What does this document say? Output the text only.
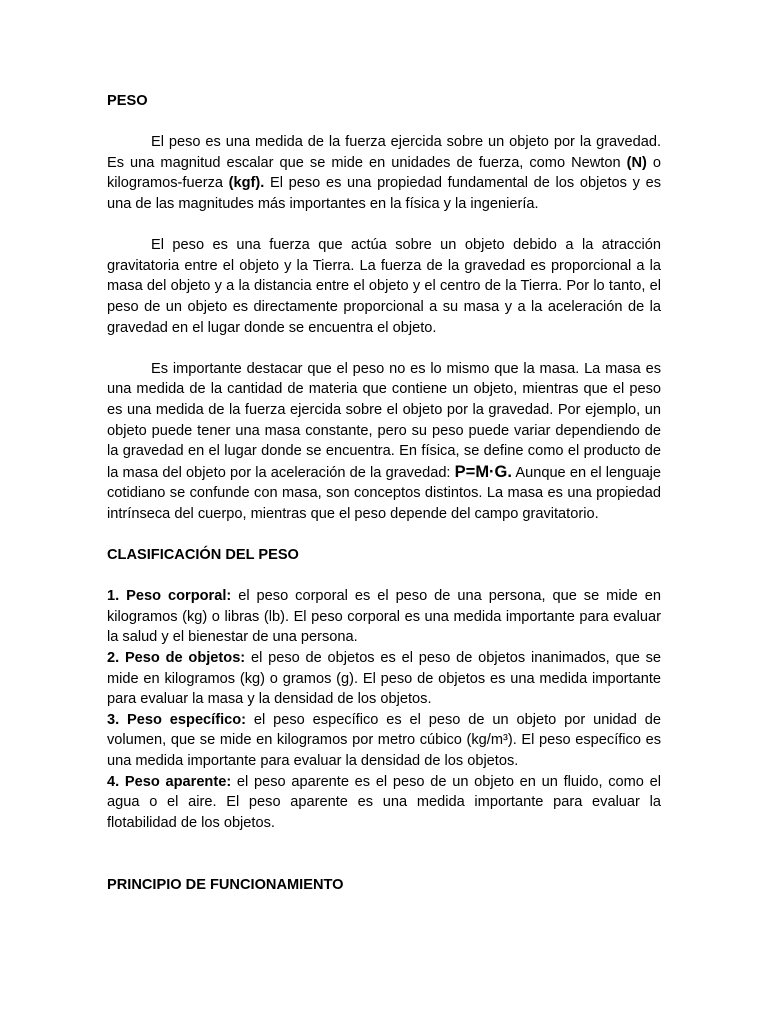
PESO

El peso es una medida de la fuerza ejercida sobre un objeto por la gravedad. Es una magnitud escalar que se mide en unidades de fuerza, como Newton (N) o kilogramos-fuerza (kgf). El peso es una propiedad fundamental de los objetos y es una de las magnitudes más importantes en la física y la ingeniería.

El peso es una fuerza que actúa sobre un objeto debido a la atracción gravitatoria entre el objeto y la Tierra. La fuerza de la gravedad es proporcional a la masa del objeto y a la distancia entre el objeto y el centro de la Tierra. Por lo tanto, el peso de un objeto es directamente proporcional a su masa y a la aceleración de la gravedad en el lugar donde se encuentra el objeto.

Es importante destacar que el peso no es lo mismo que la masa. La masa es una medida de la cantidad de materia que contiene un objeto, mientras que el peso es una medida de la fuerza ejercida sobre el objeto por la gravedad. Por ejemplo, un objeto puede tener una masa constante, pero su peso puede variar dependiendo de la gravedad en el lugar donde se encuentra. En física, se define como el producto de la masa del objeto por la aceleración de la gravedad: P=M·G. Aunque en el lenguaje cotidiano se confunde con masa, son conceptos distintos. La masa es una propiedad intrínseca del cuerpo, mientras que el peso depende del campo gravitatorio.

CLASIFICACIÓN DEL PESO

1. Peso corporal: el peso corporal es el peso de una persona, que se mide en kilogramos (kg) o libras (lb). El peso corporal es una medida importante para evaluar la salud y el bienestar de una persona.

2. Peso de objetos: el peso de objetos es el peso de objetos inanimados, que se mide en kilogramos (kg) o gramos (g). El peso de objetos es una medida importante para evaluar la masa y la densidad de los objetos.

3. Peso específico: el peso específico es el peso de un objeto por unidad de volumen, que se mide en kilogramos por metro cúbico (kg/m³). El peso específico es una medida importante para evaluar la densidad de los objetos.

4. Peso aparente: el peso aparente es el peso de un objeto en un fluido, como el agua o el aire. El peso aparente es una medida importante para evaluar la flotabilidad de los objetos.

PRINCIPIO DE FUNCIONAMIENTO
